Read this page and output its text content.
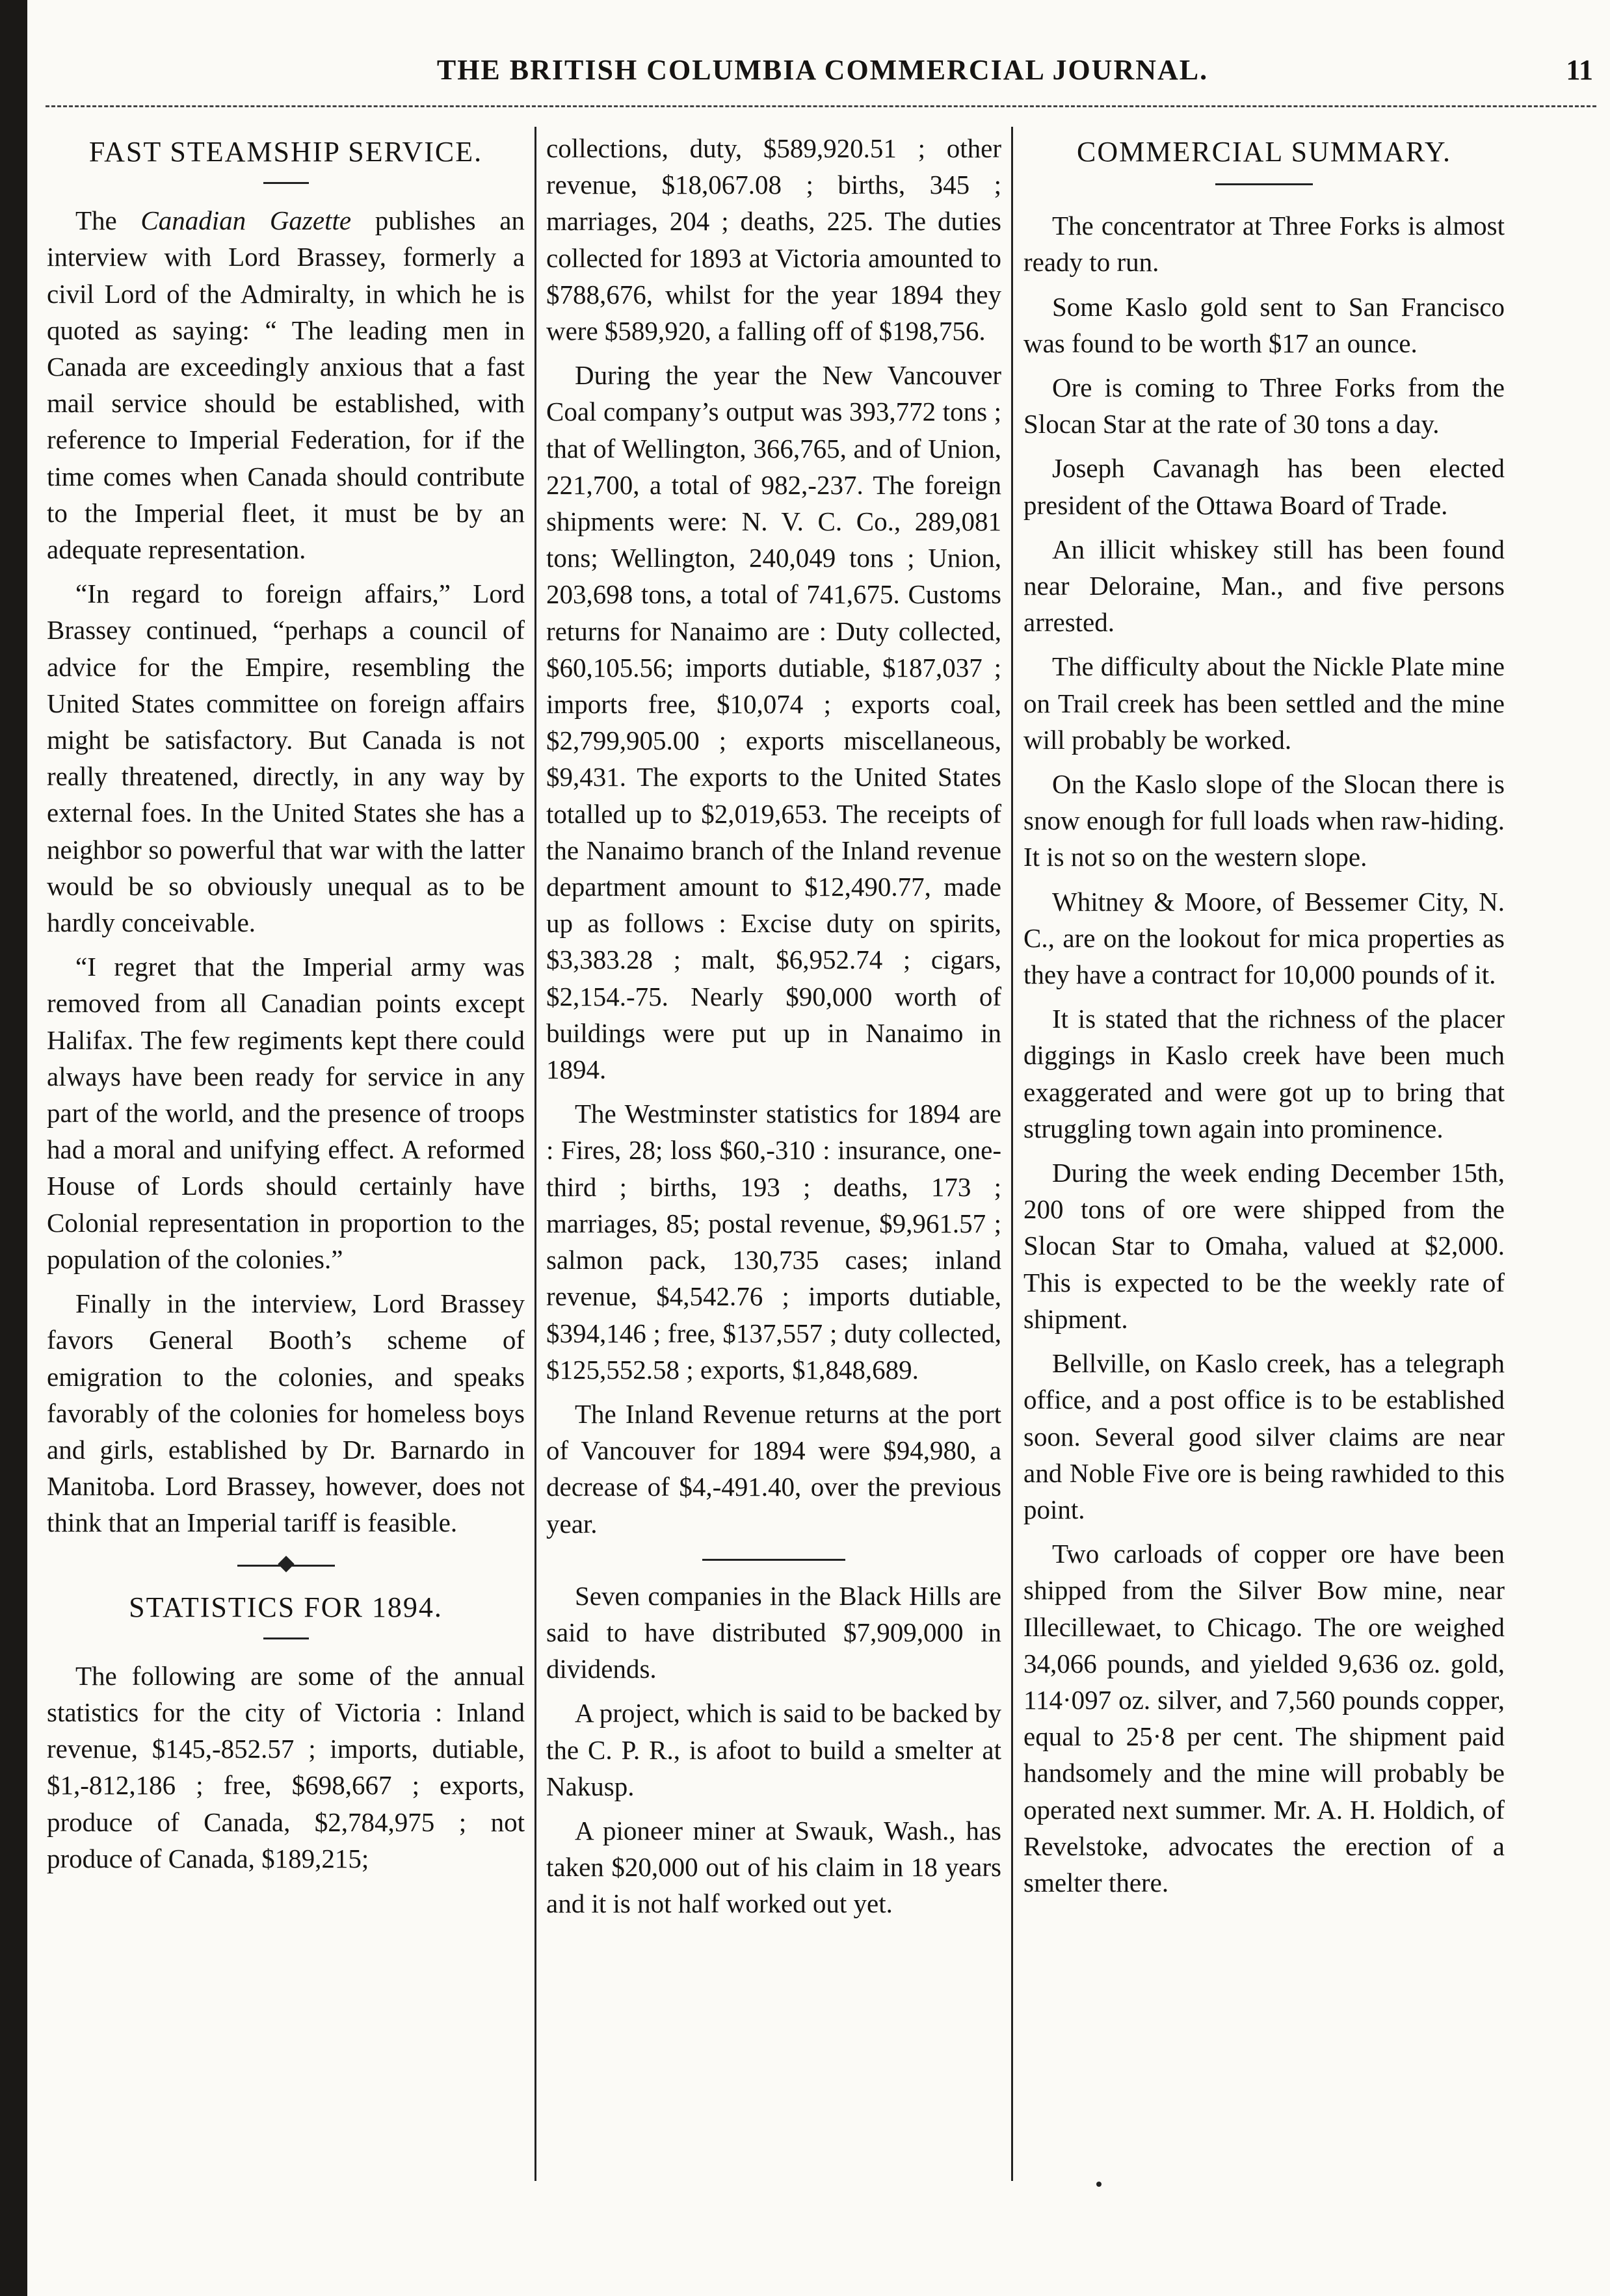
THE BRITISH COLUMBIA COMMERCIAL JOURNAL.	11
FAST STEAMSHIP SERVICE.

The Canadian Gazette publishes an interview with Lord Brassey, formerly a civil Lord of the Admiralty, in which he is quoted as saying: “ The leading men in Canada are exceedingly anxious that a fast mail service should be established, with reference to Imperial Federation, for if the time comes when Canada should contribute to the Imperial fleet, it must be by an adequate representation.

“In regard to foreign affairs,” Lord Brassey continued, “perhaps a council of advice for the Empire, resembling the United States committee on foreign affairs might be satisfactory. But Canada is not really threatened, directly, in any way by external foes. In the United States she has a neighbor so powerful that war with the latter would be so obviously unequal as to be hardly conceivable.

“I regret that the Imperial army was removed from all Canadian points except Halifax. The few regiments kept there could always have been ready for service in any part of the world, and the presence of troops had a moral and unifying effect. A reformed House of Lords should certainly have Colonial representation in proportion to the population of the colonies.”

Finally in the interview, Lord Brassey favors General Booth’s scheme of emigration to the colonies, and speaks favorably of the colonies for homeless boys and girls, established by Dr. Barnardo in Manitoba. Lord Brassey, however, does not think that an Imperial tariff is feasible.

STATISTICS FOR 1894.

The following are some of the annual statistics for the city of Victoria : Inland revenue, $145,-852.57 ; imports, dutiable, $1,-812,186 ; free, $698,667 ; exports, produce of Canada, $2,784,975 ; not produce of Canada, $189,215;

collections, duty, $589,920.51 ; other revenue, $18,067.08 ; births, 345 ; marriages, 204 ; deaths, 225. The duties collected for 1893 at Victoria amounted to $788,676, whilst for the year 1894 they were $589,920, a falling off of $198,756.

During the year the New Vancouver Coal company’s output was 393,772 tons ; that of Wellington, 366,765, and of Union, 221,700, a total of 982,-237. The foreign shipments were: N. V. C. Co., 289,081 tons; Wellington, 240,049 tons ; Union, 203,698 tons, a total of 741,675. Customs returns for Nanaimo are : Duty collected, $60,105.56; imports dutiable, $187,037 ; imports free, $10,074 ; exports coal, $2,799,905.00 ; exports miscellaneous, $9,431. The exports to the United States totalled up to $2,019,653. The receipts of the Nanaimo branch of the Inland revenue department amount to $12,490.77, made up as follows : Excise duty on spirits, $3,383.28 ; malt, $6,952.74 ; cigars, $2,154.-75. Nearly $90,000 worth of buildings were put up in Nanaimo in 1894.

The Westminster statistics for 1894 are : Fires, 28; loss $60,-310 : insurance, one-third ; births, 193 ; deaths, 173 ; marriages, 85; postal revenue, $9,961.57 ; salmon pack, 130,735 cases; inland revenue, $4,542.76 ; imports dutiable, $394,146 ; free, $137,557 ; duty collected, $125,552.58 ; exports, $1,848,689.

The Inland Revenue returns at the port of Vancouver for 1894 were $94,980, a decrease of $4,-491.40, over the previous year.

Seven companies in the Black Hills are said to have distributed $7,909,000 in dividends.

A project, which is said to be backed by the C. P. R., is afoot to build a smelter at Nakusp.

A pioneer miner at Swauk, Wash., has taken $20,000 out of his claim in 18 years and it is not half worked out yet.

COMMERCIAL SUMMARY.

The concentrator at Three Forks is almost ready to run.

Some Kaslo gold sent to San Francisco was found to be worth $17 an ounce.

Ore is coming to Three Forks from the Slocan Star at the rate of 30 tons a day.

Joseph Cavanagh has been elected president of the Ottawa Board of Trade.

An illicit whiskey still has been found near Deloraine, Man., and five persons arrested.

The difficulty about the Nickle Plate mine on Trail creek has been settled and the mine will probably be worked.

On the Kaslo slope of the Slocan there is snow enough for full loads when raw-hiding. It is not so on the western slope.

Whitney & Moore, of Bessemer City, N. C., are on the lookout for mica properties as they have a contract for 10,000 pounds of it.

It is stated that the richness of the placer diggings in Kaslo creek have been much exaggerated and were got up to bring that struggling town again into prominence.

During the week ending December 15th, 200 tons of ore were shipped from the Slocan Star to Omaha, valued at $2,000. This is expected to be the weekly rate of shipment.

Bellville, on Kaslo creek, has a telegraph office, and a post office is to be established soon. Several good silver claims are near and Noble Five ore is being rawhided to this point.

Two carloads of copper ore have been shipped from the Silver Bow mine, near Illecillewaet, to Chicago. The ore weighed 34,066 pounds, and yielded 9,636 oz. gold, 114·097 oz. silver, and 7,560 pounds copper, equal to 25·8 per cent. The shipment paid handsomely and the mine will probably be operated next summer. Mr. A. H. Holdich, of Revelstoke, advocates the erection of a smelter there.
